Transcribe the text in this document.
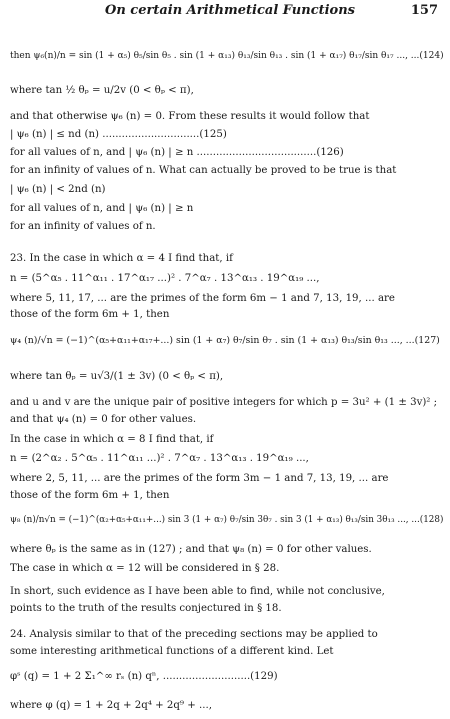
On certain Arithmetical Functions	157
then ψ₆(n)/n = sin (1 + α₅) θ₅/sin θ₅ . sin (1 + α₁₃) θ₁₃/sin θ₁₃ . sin (1 + α₁₇) θ₁₇/sin θ₁₇ ..., ...(124)
where tan ½ θₚ = u/2v (0 < θₚ < π),
and that otherwise ψ₆ (n) = 0. From these results it would follow that
| ψ₆ (n) | ≤ nd (n) ..............................(125)
for all values of n, and | ψ₆ (n) | ≥ n .....................................(126)
for an infinity of values of n. What can actually be proved to be true is that
| ψ₆ (n) | < 2nd (n)
for all values of n, and | ψ₆ (n) | ≥ n
for an infinity of values of n.
23. In the case in which α = 4 I find that, if
n = (5^α₅ . 11^α₁₁ . 17^α₁₇ ...)² . 7^α₇ . 13^α₁₃ . 19^α₁₉ ...,
where 5, 11, 17, ... are the primes of the form 6m − 1 and 7, 13, 19, ... are
those of the form 6m + 1, then
ψ₄ (n)/√n = (−1)^(α₅+α₁₁+α₁₇+...) sin (1 + α₇) θ₇/sin θ₇ . sin (1 + α₁₃) θ₁₃/sin θ₁₃ ..., ...(127)
where tan θₚ = u√3/(1 ± 3v) (0 < θₚ < π),
and u and v are the unique pair of positive integers for which p = 3u² + (1 ± 3v)² ;
and that ψ₄ (n) = 0 for other values.
In the case in which α = 8 I find that, if
n = (2^α₂ . 5^α₅ . 11^α₁₁ ...)² . 7^α₇ . 13^α₁₃ . 19^α₁₉ ...,
where 2, 5, 11, ... are the primes of the form 3m − 1 and 7, 13, 19, ... are
those of the form 6m + 1, then
ψ₈ (n)/n√n = (−1)^(α₂+α₅+α₁₁+...) sin 3 (1 + α₇) θ₇/sin 3θ₇ . sin 3 (1 + α₁₃) θ₁₃/sin 3θ₁₃ ..., ...(128)
where θₚ is the same as in (127) ; and that ψ₈ (n) = 0 for other values.
The case in which α = 12 will be considered in § 28.
In short, such evidence as I have been able to find, while not conclusive,
points to the truth of the results conjectured in § 18.
24. Analysis similar to that of the preceding sections may be applied to
some interesting arithmetical functions of a different kind. Let
φˢ (q) = 1 + 2 Σ₁^∞ rₛ (n) qⁿ, ...........................(129)
where φ (q) = 1 + 2q + 2q⁴ + 2q⁹ + ...,
